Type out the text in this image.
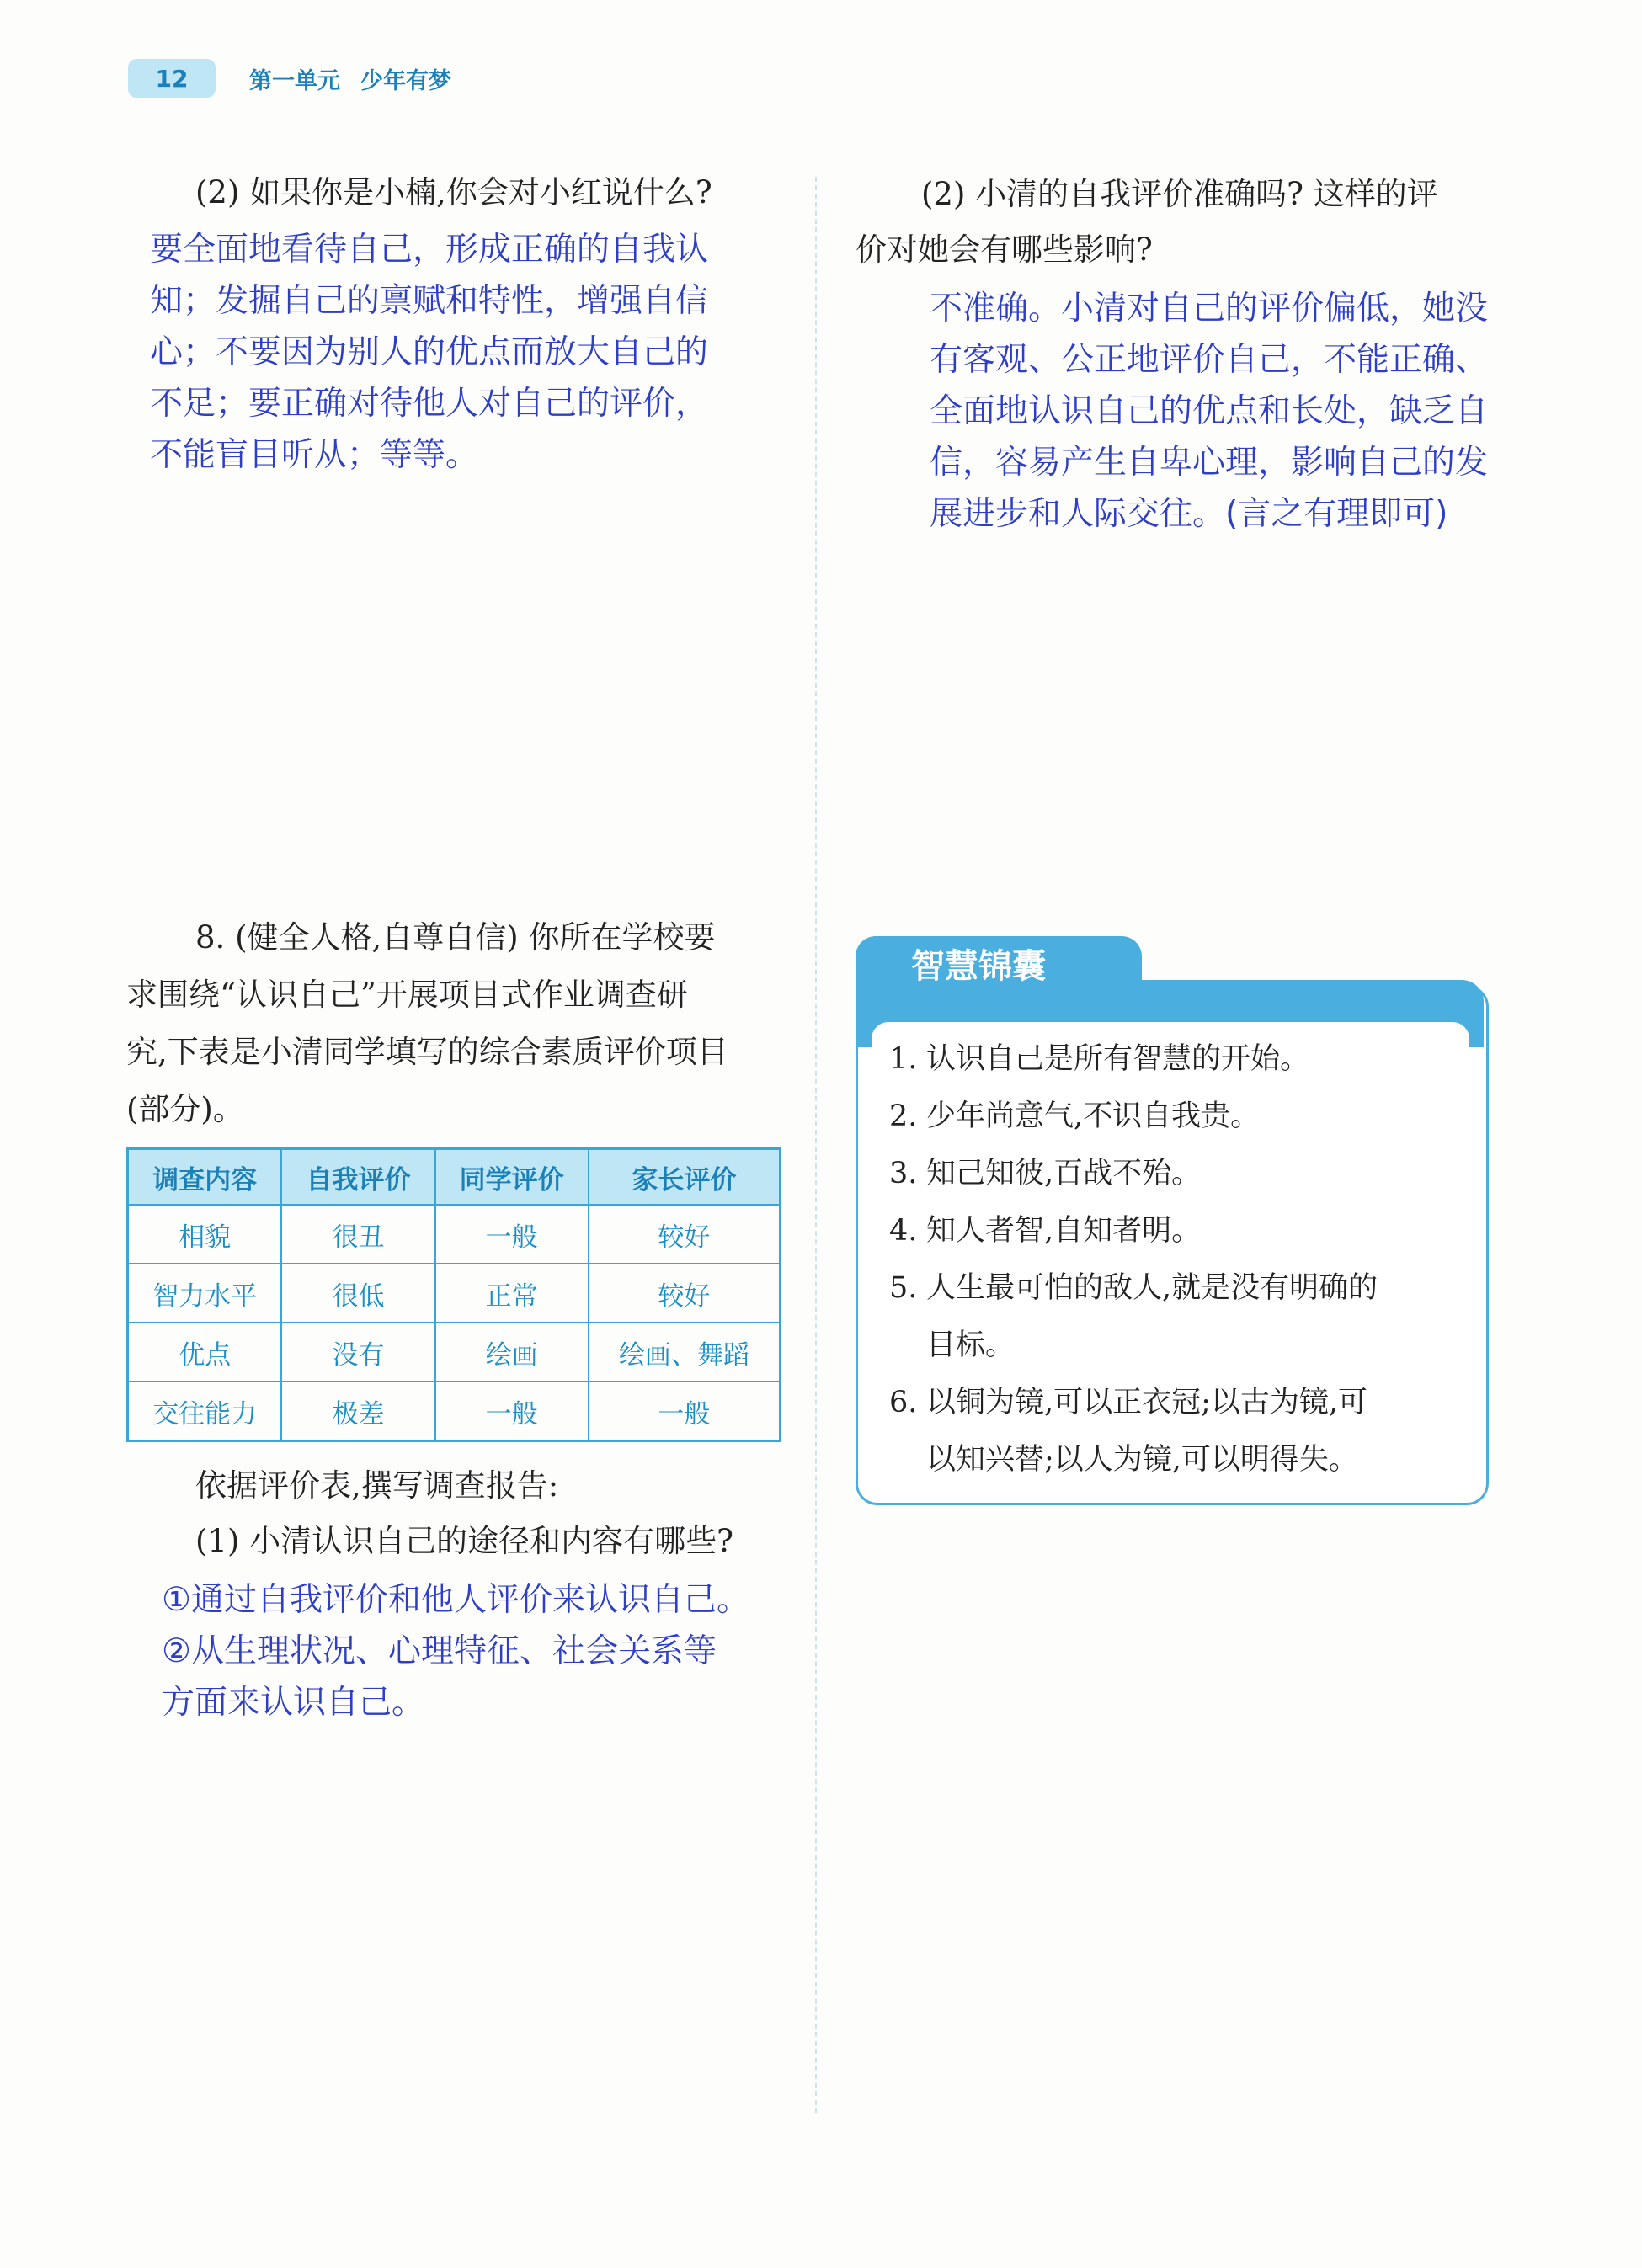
12	第一单元 少年有梦
(2) 如果你是小楠,你会对小红说什么?
要全面地看待自己，形成正确的自我认
知；发掘自己的禀赋和特性，增强自信
心；不要因为别人的优点而放大自己的
不足；要正确对待他人对自己的评价，
不能盲目听从；等等。
(2) 小清的自我评价准确吗? 这样的评
价对她会有哪些影响?
不准确。小清对自己的评价偏低，她没
有客观、公正地评价自己，不能正确、
全面地认识自己的优点和长处，缺乏自
信，容易产生自卑心理，影响自己的发
展进步和人际交往。(言之有理即可)
8. (健全人格,自尊自信) 你所在学校要
求围绕“认识自己”开展项目式作业调查研
究,下表是小清同学填写的综合素质评价项目
(部分)。
调查内容	自我评价	同学评价	家长评价
相貌	很丑	一般	较好
智力水平	很低	正常	较好
优点	没有	绘画	绘画、舞蹈
交往能力	极差	一般	一般
依据评价表,撰写调查报告:
(1) 小清认识自己的途径和内容有哪些?
①通过自我评价和他人评价来认识自己。
②从生理状况、心理特征、社会关系等
方面来认识自己。
智慧锦囊
1. 认识自己是所有智慧的开始。
2. 少年尚意气,不识自我贵。
3. 知己知彼,百战不殆。
4. 知人者智,自知者明。
5. 人生最可怕的敌人,就是没有明确的
目标。
6. 以铜为镜,可以正衣冠;以古为镜,可
以知兴替;以人为镜,可以明得失。
